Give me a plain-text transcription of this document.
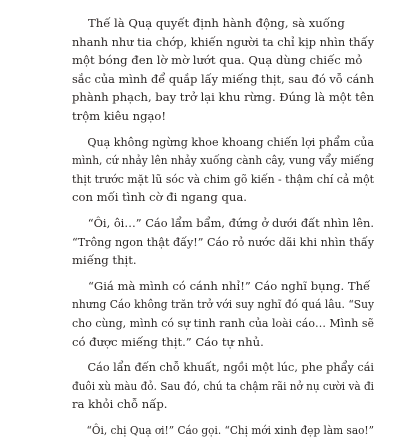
Thế là Quạ quyết định hành động, sà xuống
nhanh như tia chớp, khiến người ta chỉ kịp nhìn thấy
một bóng đen lờ mờ lướt qua. Quạ dùng chiếc mỏ
sắc của mình để quắp lấy miếng thịt, sau đó vỗ cánh
phành phạch, bay trở lại khu rừng. Đúng là một tên
trộm kiêu ngạo!

Quạ không ngừng khoe khoang chiến lợi phẩm của
mình, cứ nhảy lên nhảy xuống cành cây, vung vẩy miếng
thịt trước mặt lũ sóc và chim gõ kiến - thậm chí cả một
con mối tình cờ đi ngang qua.

“Ôi, ôi…” Cáo lẩm bẩm, đứng ở dưới đất nhìn lên.
“Trông ngon thật đấy!” Cáo rỏ nước dãi khi nhìn thấy
miếng thịt.

“Giá mà mình có cánh nhỉ!” Cáo nghĩ bụng. Thế
nhưng Cáo không trăn trở với suy nghĩ đó quá lâu. “Suy
cho cùng, mình có sự tinh ranh của loài cáo… Mình sẽ
có được miếng thịt.” Cáo tự nhủ.

Cáo lẩn đến chỗ khuất, ngồi một lúc, phe phẩy cái
đuôi xù màu đỏ. Sau đó, chú ta chậm rãi nở nụ cười và đi
ra khỏi chỗ nấp.

“Ôi, chị Quạ ơi!” Cáo gọi. “Chị mới xinh đẹp làm sao!”
